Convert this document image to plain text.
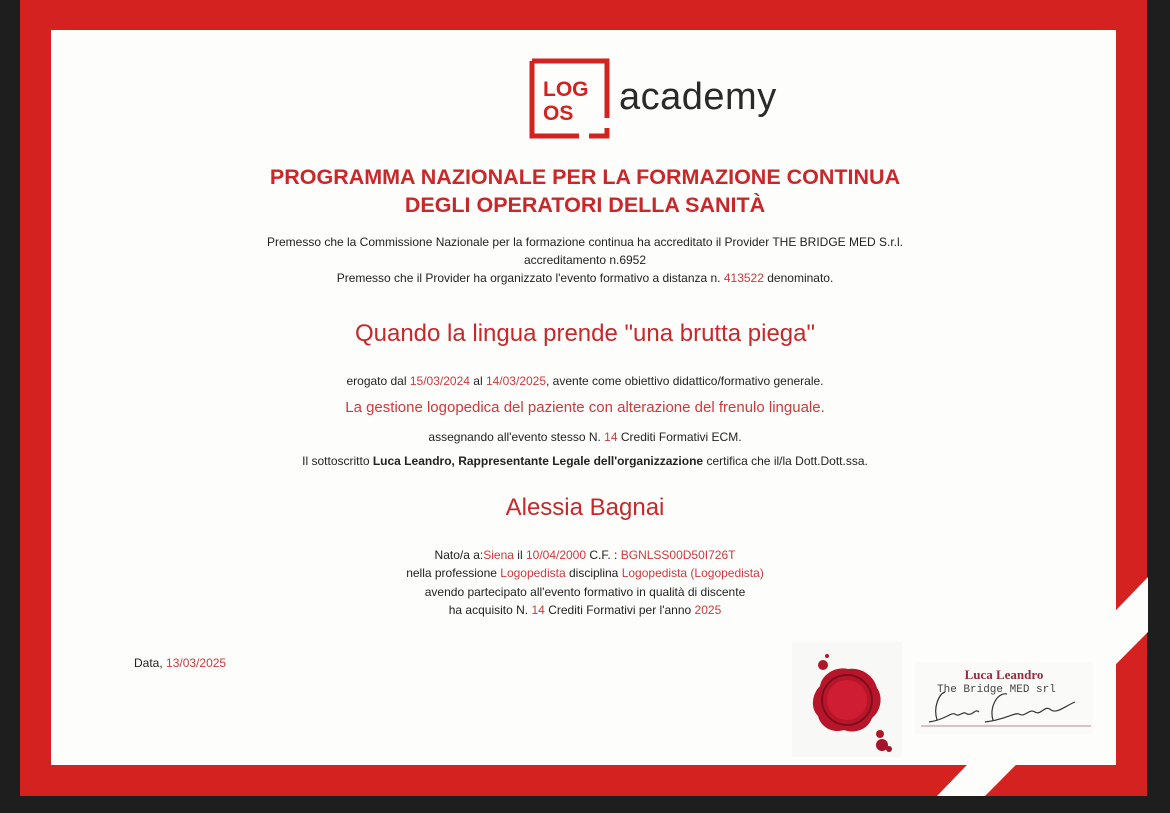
LOG
OS academy
PROGRAMMA NAZIONALE PER LA FORMAZIONE CONTINUA
DEGLI OPERATORI DELLA SANITÀ
Premesso che la Commissione Nazionale per la formazione continua ha accreditato il Provider THE BRIDGE MED S.r.l.
accreditamento n.6952
Premesso che il Provider ha organizzato l'evento formativo a distanza n. 413522 denominato.
Quando la lingua prende "una brutta piega"
erogato dal 15/03/2024 al 14/03/2025, avente come obiettivo didattico/formativo generale.
La gestione logopedica del paziente con alterazione del frenulo linguale.
assegnando all'evento stesso N. 14 Crediti Formativi ECM.
Il sottoscritto Luca Leandro, Rappresentante Legale dell'organizzazione certifica che il/la Dott.Dott.ssa.
Alessia Bagnai
Nato/a a:Siena il 10/04/2000 C.F. : BGNLSS00D50I726T
nella professione Logopedista disciplina Logopedista (Logopedista)
avendo partecipato all'evento formativo in qualità di discente
ha acquisito N. 14 Crediti Formativi per l'anno 2025
Data, 13/03/2025
Luca Leandro
The Bridge MED srl
